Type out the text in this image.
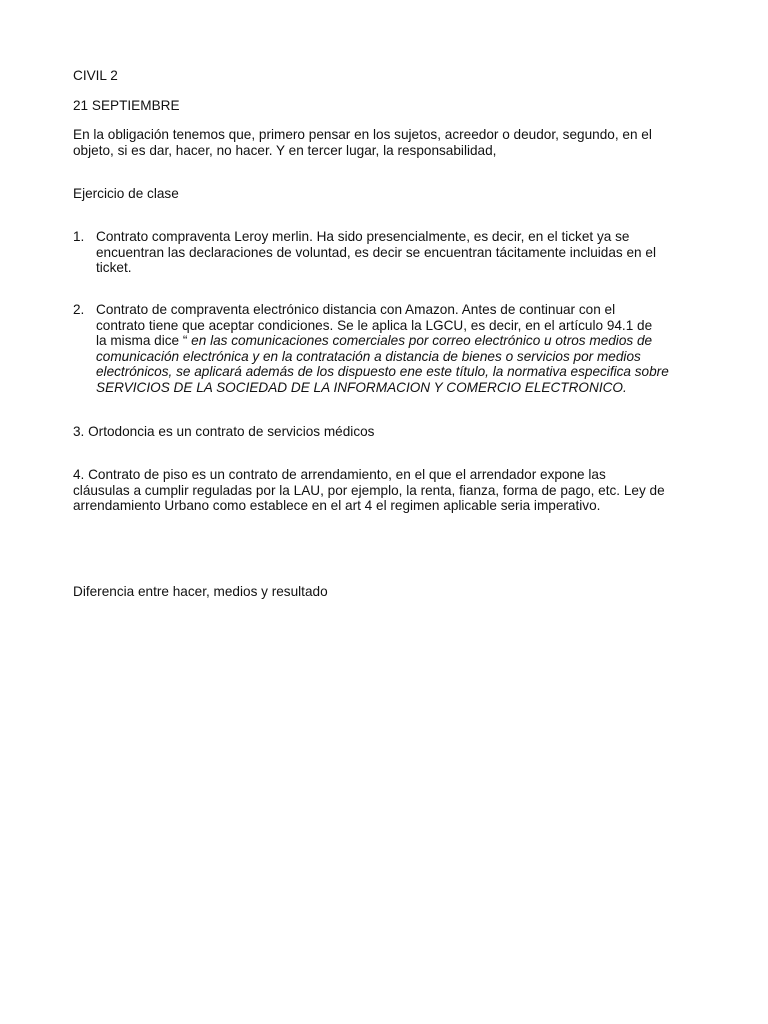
CIVIL 2
21 SEPTIEMBRE
En la obligación tenemos que, primero pensar en los sujetos, acreedor o deudor, segundo, en el
objeto, si es dar, hacer, no hacer. Y en tercer lugar, la responsabilidad,
Ejercicio de clase
1. Contrato compraventa Leroy merlin. Ha sido presencialmente, es decir, en el ticket ya se
encuentran las declaraciones de voluntad, es decir se encuentran tácitamente incluidas en el
ticket.
2. Contrato de compraventa electrónico distancia con Amazon. Antes de continuar con el
contrato tiene que aceptar condiciones. Se le aplica la LGCU, es decir, en el artículo 94.1 de
la misma dice “ en las comunicaciones comerciales por correo electrónico u otros medios de
comunicación electrónica y en la contratación a distancia de bienes o servicios por medios
electrónicos, se aplicará además de los dispuesto ene este título, la normativa especifica sobre
SERVICIOS DE LA SOCIEDAD DE LA INFORMACION Y COMERCIO ELECTRONICO.
3. Ortodoncia es un contrato de servicios médicos
4. Contrato de piso es un contrato de arrendamiento, en el que el arrendador expone las
cláusulas a cumplir reguladas por la LAU, por ejemplo, la renta, fianza, forma de pago, etc. Ley de
arrendamiento Urbano como establece en el art 4 el regimen aplicable seria imperativo.
Diferencia entre hacer, medios y resultado
